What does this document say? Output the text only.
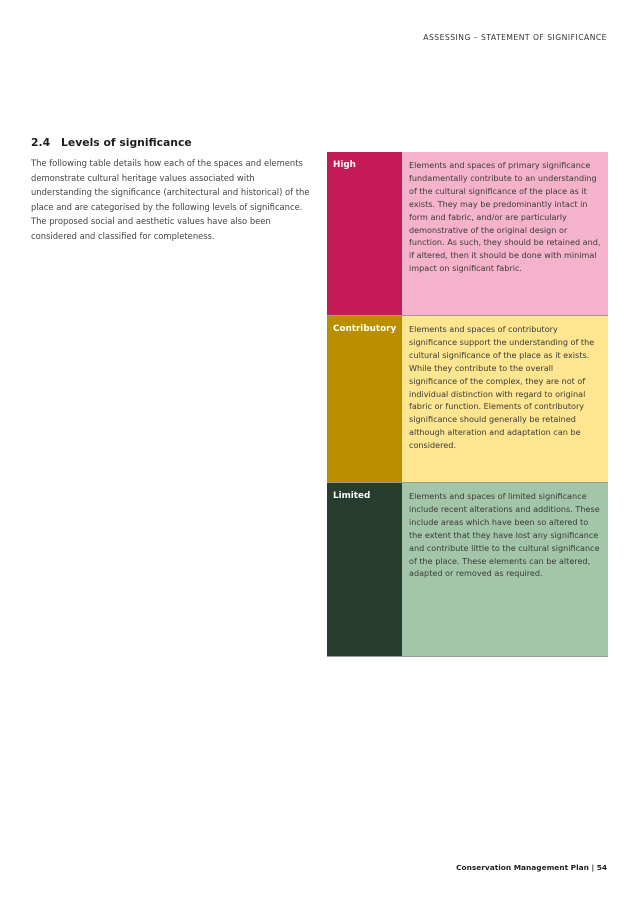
ASSESSING – STATEMENT OF SIGNIFICANCE
2.4 Levels of significance

The following table details how each of the spaces and elements demonstrate cultural heritage values associated with understanding the significance (architectural and historical) of the place and are categorised by the following levels of significance. The proposed social and aesthetic values have also been considered and classified for completeness.

High	Elements and spaces of primary significance fundamentally contribute to an understanding of the cultural significance of the place as it exists. They may be predominantly intact in form and fabric, and/or are particularly demonstrative of the original design or function. As such, they should be retained and, if altered, then it should be done with minimal impact on significant fabric.
Contributory	Elements and spaces of contributory significance support the understanding of the cultural significance of the place as it exists. While they contribute to the overall significance of the complex, they are not of individual distinction with regard to original fabric or function. Elements of contributory significance should generally be retained although alteration and adaptation can be considered.
Limited	Elements and spaces of limited significance include recent alterations and additions. These include areas which have been so altered to the extent that they have lost any significance and contribute little to the cultural significance of the place. These elements can be altered, adapted or removed as required.
Conservation Management Plan | 54
